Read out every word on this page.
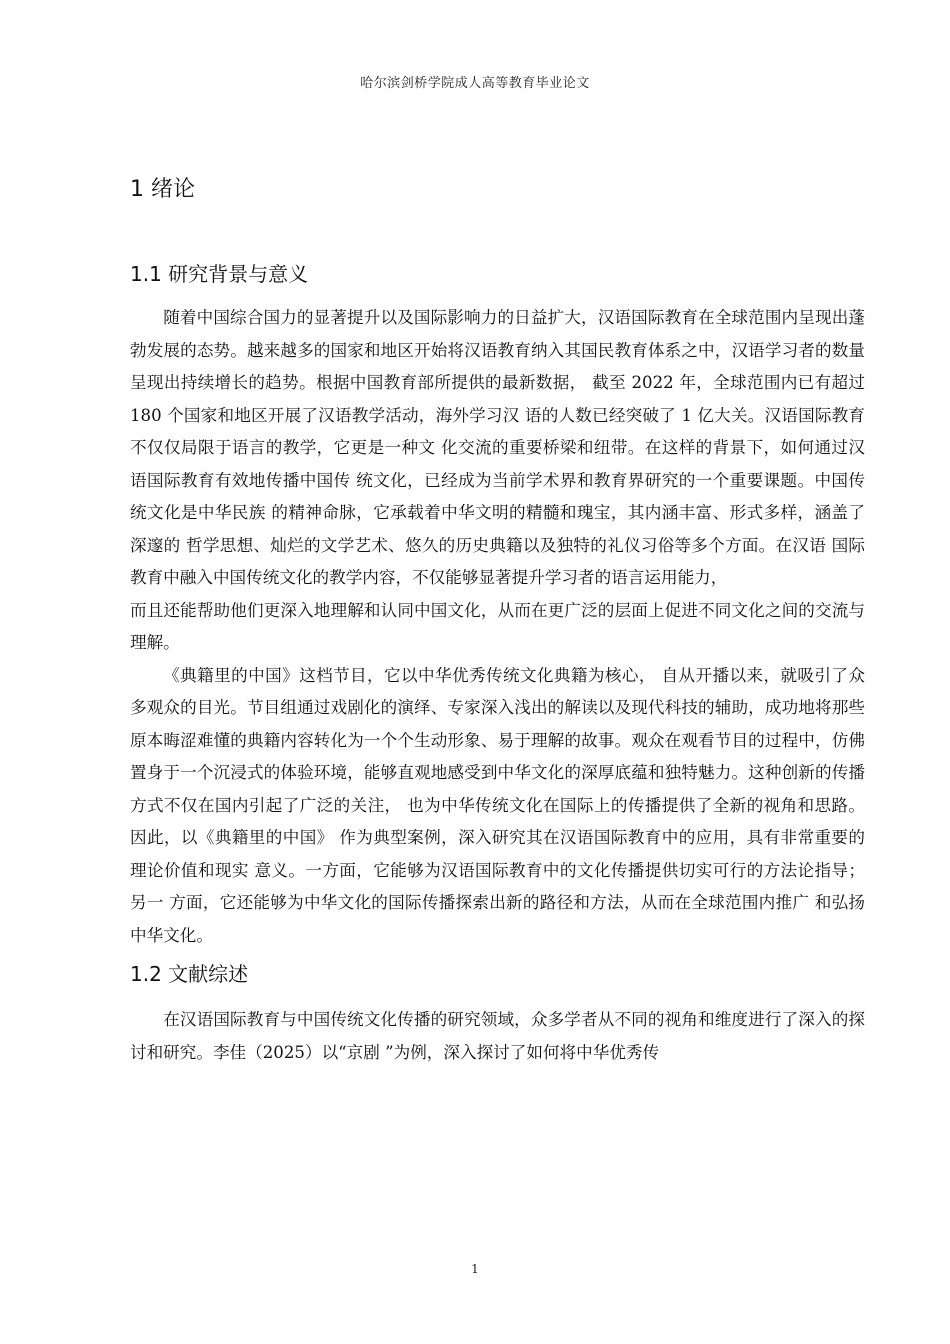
哈尔滨剑桥学院成人高等教育毕业论文
1 绪论
1.1 研究背景与意义

随着中国综合国力的显著提升以及国际影响力的日益扩大，汉语国际教育在全球范围内呈现出蓬勃发展的态势。越来越多的国家和地区开始将汉语教育纳入其国民教育体系之中，汉语学习者的数量呈现出持续增长的趋势。根据中国教育部所提供的最新数据， 截至 2022 年，全球范围内已有超过 180 个国家和地区开展了汉语教学活动，海外学习汉 语的人数已经突破了 1 亿大关。汉语国际教育不仅仅局限于语言的教学，它更是一种文 化交流的重要桥梁和纽带。在这样的背景下，如何通过汉语国际教育有效地传播中国传 统文化，已经成为当前学术界和教育界研究的一个重要课题。中国传统文化是中华民族 的精神命脉，它承载着中华文明的精髓和瑰宝，其内涵丰富、形式多样，涵盖了深邃的 哲学思想、灿烂的文学艺术、悠久的历史典籍以及独特的礼仪习俗等多个方面。在汉语 国际教育中融入中国传统文化的教学内容，不仅能够显著提升学习者的语言运用能力，

而且还能帮助他们更深入地理解和认同中国文化，从而在更广泛的层面上促进不同文化之间的交流与理解。

《典籍里的中国》这档节目，它以中华优秀传统文化典籍为核心， 自从开播以来，就吸引了众多观众的目光。节目组通过戏剧化的演绎、专家深入浅出的解读以及现代科技的辅助，成功地将那些原本晦涩难懂的典籍内容转化为一个个生动形象、易于理解的故事。观众在观看节目的过程中，仿佛置身于一个沉浸式的体验环境，能够直观地感受到中华文化的深厚底蕴和独特魅力。这种创新的传播方式不仅在国内引起了广泛的关注， 也为中华传统文化在国际上的传播提供了全新的视角和思路。因此，以《典籍里的中国》 作为典型案例，深入研究其在汉语国际教育中的应用，具有非常重要的理论价值和现实 意义。一方面，它能够为汉语国际教育中的文化传播提供切实可行的方法论指导；另一 方面，它还能够为中华文化的国际传播探索出新的路径和方法，从而在全球范围内推广 和弘扬中华文化。

1.2 文献综述

在汉语国际教育与中国传统文化传播的研究领域，众多学者从不同的视角和维度进行了深入的探讨和研究。李佳（2025）以“京剧 ”为例，深入探讨了如何将中华优秀传

1
